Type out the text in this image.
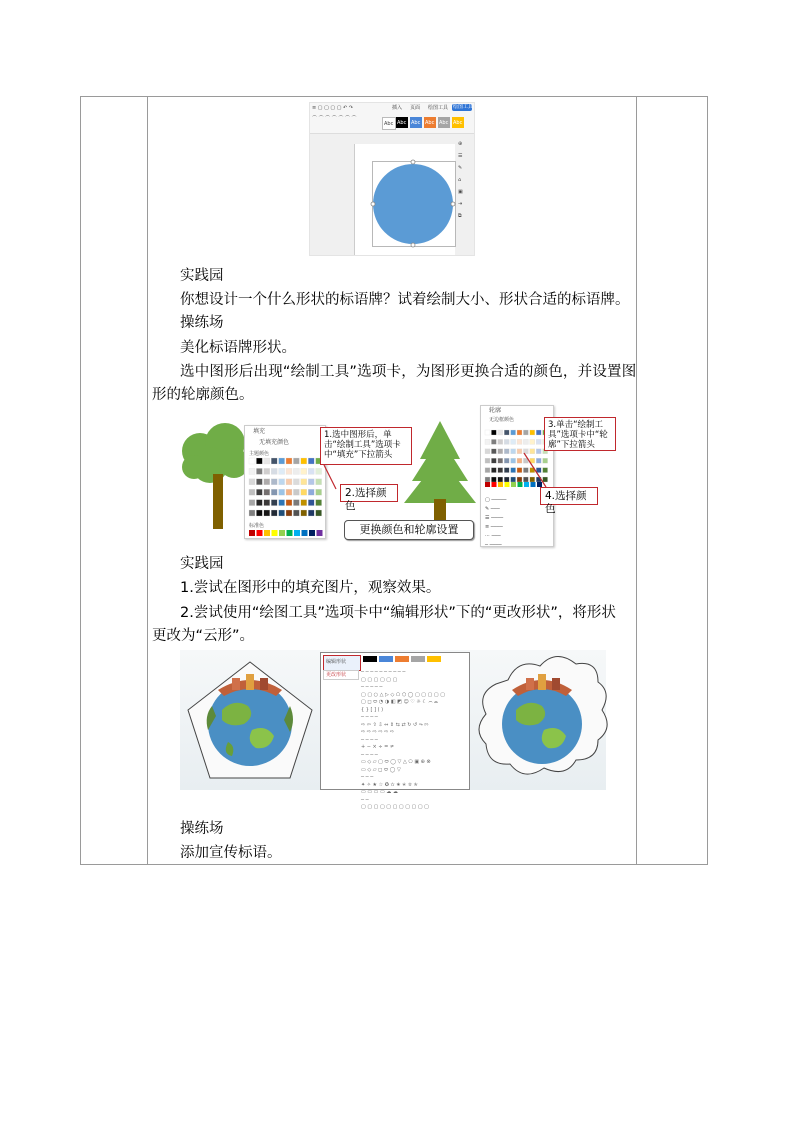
≡ ▢ ▢ ▢ ▢ ↶ ↷	插入 页面 绘图工具 绘图工具
⌒ ⌒ ⌒ ⌒ ⌒ ⌒ ⌒
Abc Abc Abc Abc Abc Abc
⊕
☰
✎
⌂
▣
⇥
⧉
实践园
你想设计一个什么形状的标语牌？试着绘制大小、形状合适的标语牌。
操练场
美化标语牌形状。
选中图形后出现“绘制工具”选项卡，为图形更换合适的颜色，并设置图
形的轮廓颜色。
填充
无填充颜色
主题颜色
标准色
1.选中图形后，单击“绘制工具”选项卡中“填充”下拉箭头
2.选择颜色
更换颜色和轮廓设置
轮廓
无边框颜色
▢ ─────
✎ ───
☰ ────
≡ ────
⋯ ───
─ ────
3.单击“绘制工具”选项卡中“轮廓”下拉箭头
4.选择颜色
实践园
1.尝试在图形中的填充图片，观察效果。
2.尝试使用“绘图工具”选项卡中“编辑形状”下的“更改形状”，将形状
更改为“云形”。
编辑形状
更改形状	─ ─ ─ ─ ─ ─ ─ ─ ─ ─
▢ ▢ ▢ ▢ ▢ ▢
─ ─ ─ ─ ─
▢ ▢ ○ △ ▷ ◇ ⬠ ⬡ ◯ ▢ ▢ ▢ ▢ ▢
▢ ◻ ⬭ ◔ ◑ ◧ ◩ ☺ ♡ ☼ ☾ ⌒ ⌓
{ } [ ] ( )
─ ─ ─ ─
⇨ ⇦ ⇧ ⇩ ⇔ ⇕ ⇆ ⇄ ↻ ↺ ⤳ ⇰
⇨ ⇨ ⇨ ⇨ ⇨ ⇨
─ ─ ─ ─
+ − × ÷ = ≠
─ ─ ─ ─
▭ ◇ ▱ ▢ ⬭ ◯ ▽ △ ⬠ ▣ ⊕ ⊗
▭ ◇ ▱ ◻ ⬭ ◯ ▽
─ ─ ─
✦ ✧ ★ ☆ ✪ ✫ ✬ ✭ ✮ ✯
▭ ▭ ▭ ▭ ☁ ☁
─ ─
▢ ▢ ▢ ▢ ▢ ▢ ▢ ▢ ▢ ▢ ▢
操练场
添加宣传标语。
